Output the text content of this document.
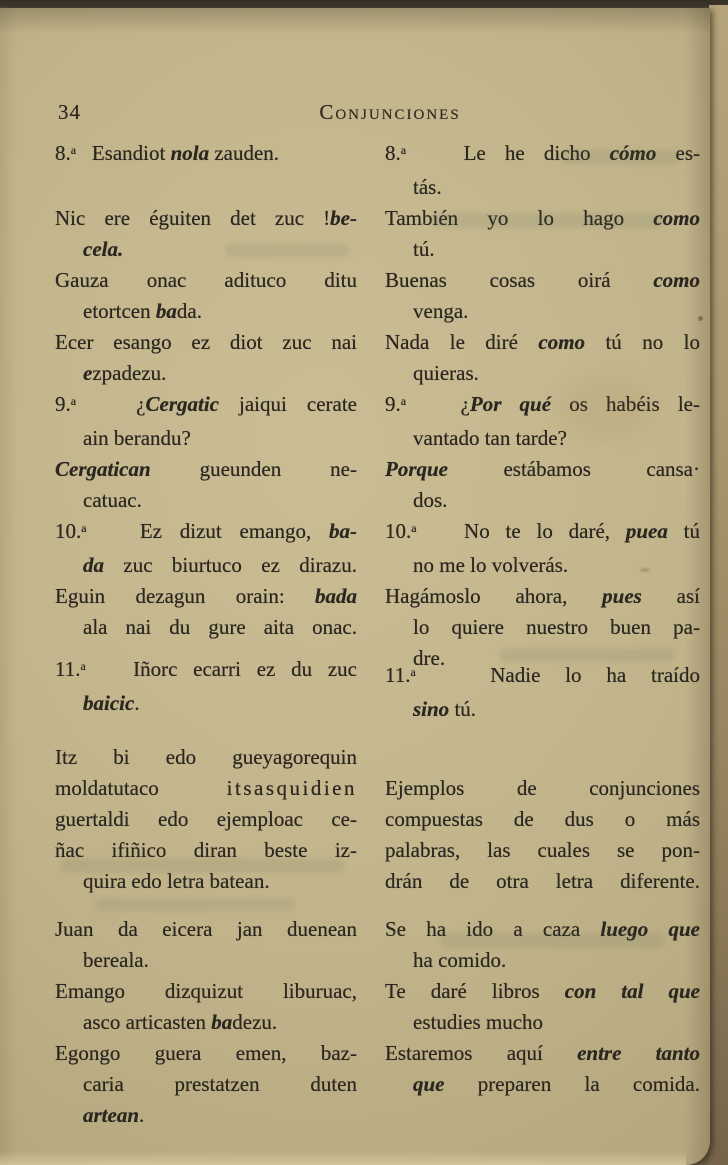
34	Conjunciones
8.$^a$   Esandiot nola zauden.
Nic ere éguiten det zuc !be-
cela.
Gauza onac adituco ditu
etortcen bada.
Ecer esango ez diot zuc nai
ezpadezu.
9.$^a$   ¿Cergatic jaiqui cerate
ain berandu?
Cergatican gueunden ne-
catuac.
10.$^a$   Ez dizut emango, ba-
da zuc biurtuco ez dirazu.
Eguin dezagun orain: bada
ala nai du gure aita onac.
11.$^a$   Iñorc ecarri ez du zuc
baicic.
Itz bi edo gueyagorequin
moldatutaco itsasquidien
guertaldi edo ejemploac ce-
ñac ifiñico diran beste iz-
quira edo letra batean.
Juan da eicera jan duenean
bereala.
Emango dizquizut liburuac,
asco articasten badezu.
Egongo guera emen, baz-
caria prestatzen duten
artean.
8.$^a$   Le he dicho cómo es-
tás.
También yo lo hago como
tú.
Buenas cosas oirá como
venga.
Nada le diré como tú no lo
quieras.
9.$^a$   ¿Por qué os habéis le-
vantado tan tarde?
Porque estábamos cansa·
dos.
10.$^a$   No te lo daré, puea tú
no me lo volverás.
Hagámoslo ahora, pues así
lo quiere nuestro buen pa-
dre.
11.$^a$   Nadie lo ha traído
sino tú.
Ejemplos de conjunciones
compuestas de dus o más
palabras, las cuales se pon-
drán de otra letra diferente.
Se ha ido a caza luego que
ha comido.
Te daré libros con tal que
estudies mucho
Estaremos aquí entre tanto
que preparen la comida.
